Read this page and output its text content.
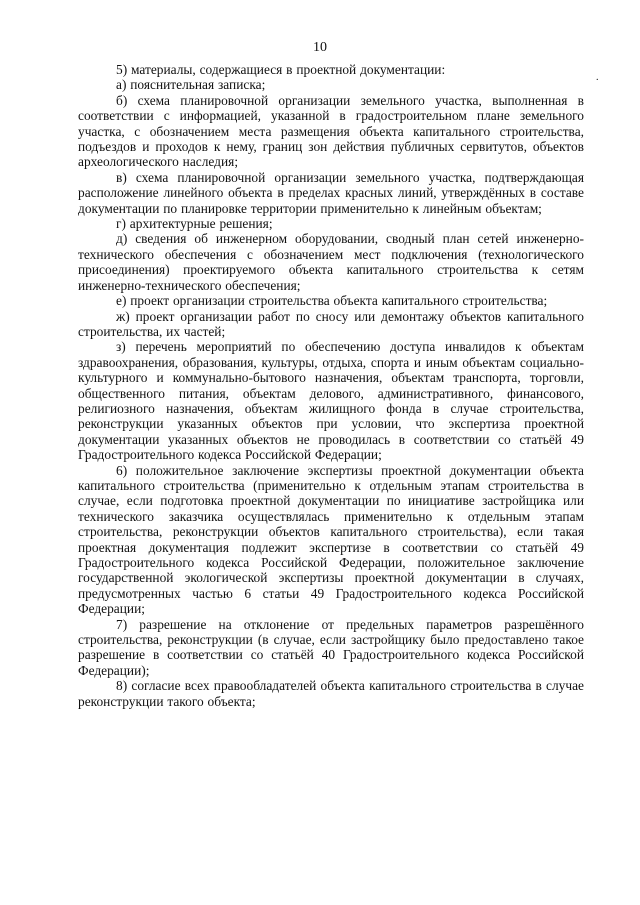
10
.

5) материалы, содержащиеся в проектной документации:

а) пояснительная записка;

б) схема планировочной организации земельного участка, выполненная в соответствии с информацией, указанной в градостроительном плане земельного участка, с обозначением места размещения объекта капитального строительства, подъездов и проходов к нему, границ зон действия публичных сервитутов, объектов археологического наследия;

в) схема планировочной организации земельного участка, подтверждающая расположение линейного объекта в пределах красных линий, утверждённых в составе документации по планировке территории применительно к линейным объектам;

г) архитектурные решения;

д) сведения об инженерном оборудовании, сводный план сетей инженерно-технического обеспечения с обозначением мест подключения (технологического присоединения) проектируемого объекта капитального строительства к сетям инженерно-технического обеспечения;

е) проект организации строительства объекта капитального строительства;

ж) проект организации работ по сносу или демонтажу объектов капитального строительства, их частей;

з) перечень мероприятий по обеспечению доступа инвалидов к объектам здравоохранения, образования, культуры, отдыха, спорта и иным объектам социально-культурного и коммунально-бытового назначения, объектам транспорта, торговли, общественного питания, объектам делового, административного, финансового, религиозного назначения, объектам жилищного фонда в случае строительства, реконструкции указанных объектов при условии, что экспертиза проектной документации указанных объектов не проводилась в соответствии со статьёй 49 Градостроительного кодекса Российской Федерации;

6) положительное заключение экспертизы проектной документации объекта капитального строительства (применительно к отдельным этапам строительства в случае, если подготовка проектной документации по инициативе застройщика или технического заказчика осуществлялась применительно к отдельным этапам строительства, реконструкции объектов капитального строительства), если такая проектная документация подлежит экспертизе в соответствии со статьёй 49 Градостроительного кодекса Российской Федерации, положительное заключение государственной экологической экспертизы проектной документации в случаях, предусмотренных частью 6 статьи 49 Градостроительного кодекса Российской Федерации;

7) разрешение на отклонение от предельных параметров разрешённого строительства, реконструкции (в случае, если застройщику было предоставлено такое разрешение в соответствии со статьёй 40 Градостроительного кодекса Российской Федерации);

8) согласие всех правообладателей объекта капитального строительства в случае реконструкции такого объекта;
